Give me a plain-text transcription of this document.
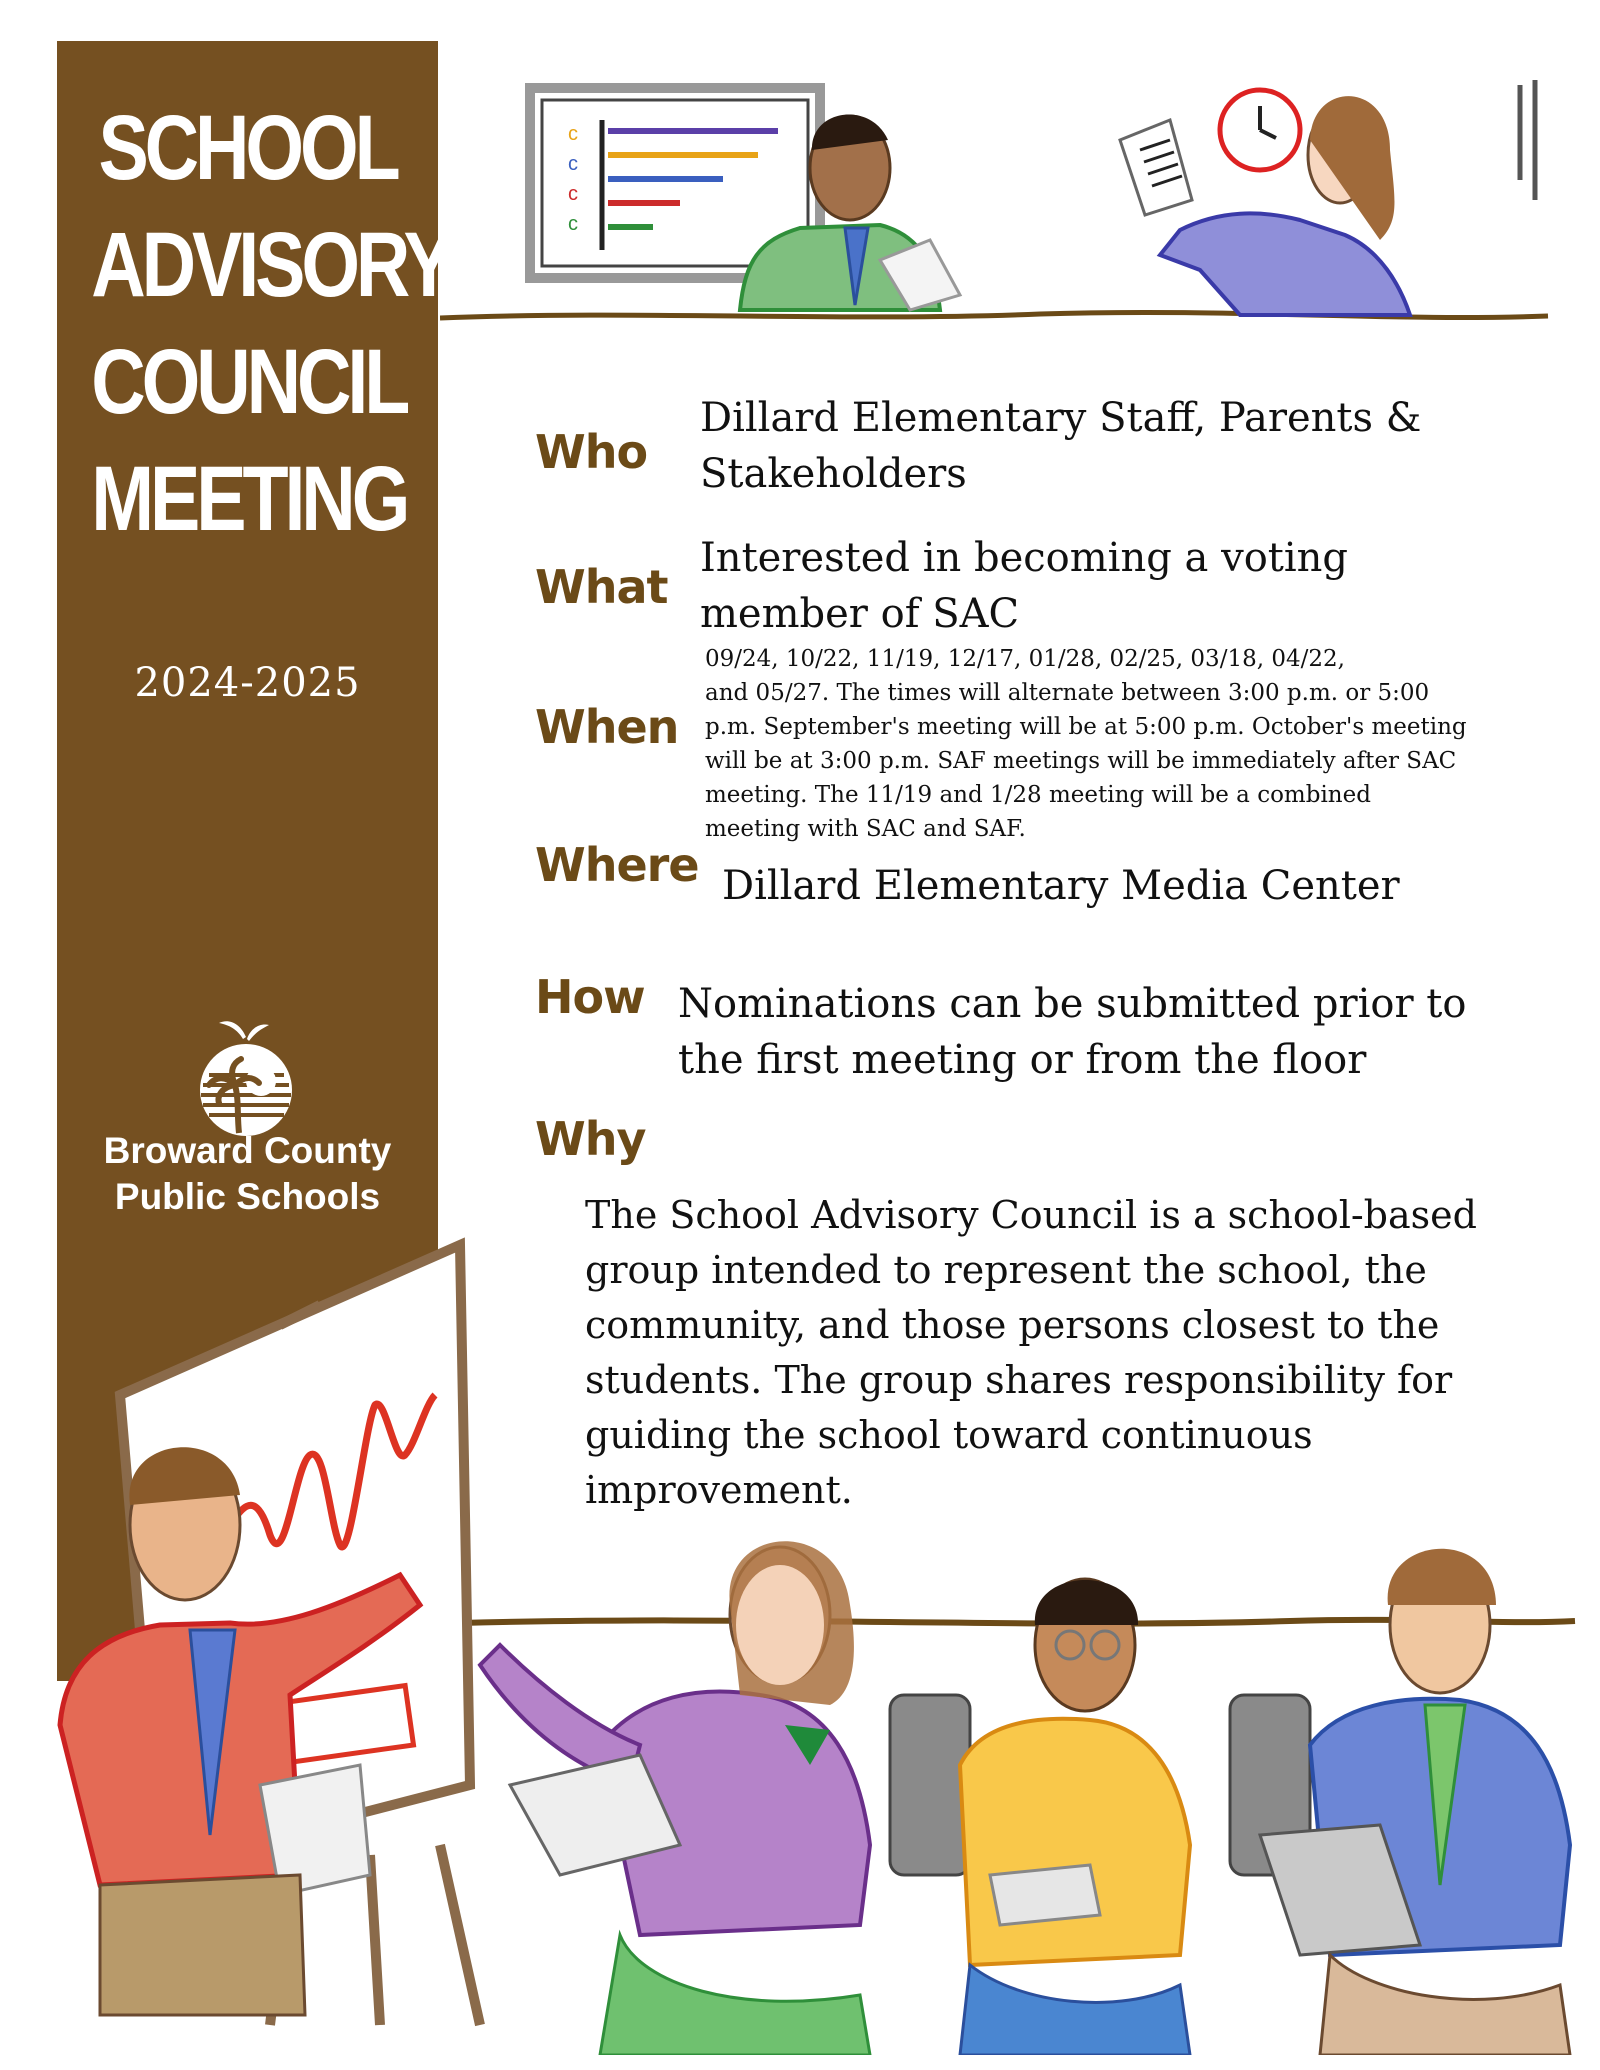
SCHOOL
ADVISORY
COUNCIL
MEETING
2024-2025
Broward County
Public Schools
c
c
c
c
Who
Dillard Elementary Staff, Parents &
Stakeholders
What
Interested in becoming a voting
member of SAC
When
09/24, 10/22, 11/19, 12/17, 01/28, 02/25, 03/18, 04/22,
and 05/27. The times will alternate between 3:00 p.m. or 5:00
p.m. September's meeting will be at 5:00 p.m. October's meeting
will be at 3:00 p.m. SAF meetings will be immediately after SAC
meeting. The 11/19 and 1/28 meeting will be a combined
meeting with SAC and SAF.
Where Dillard Elementary Media Center
How Nominations can be submitted prior to
the first meeting or from the floor
Why
The School Advisory Council is a school-based
group intended to represent the school, the
community, and those persons closest to the
students. The group shares responsibility for
guiding the school toward continuous
improvement.
